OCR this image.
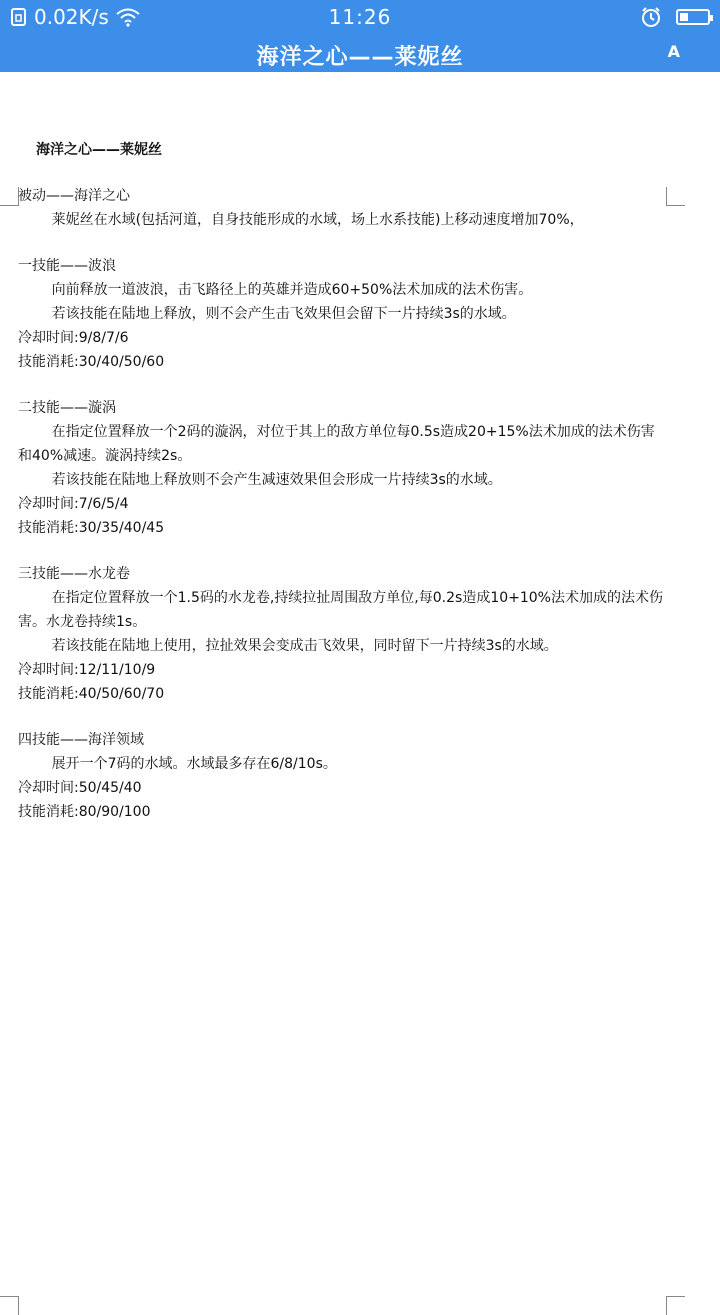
0.02K/s	11:26
海洋之心——莱妮丝	A
海洋之心——莱妮丝
被动——海洋之心
莱妮丝在水域(包括河道，自身技能形成的水域，场上水系技能)上移动速度增加70%，
一技能——波浪
向前释放一道波浪，击飞路径上的英雄并造成60+50%法术加成的法术伤害。
若该技能在陆地上释放，则不会产生击飞效果但会留下一片持续3s的水域。
冷却时间:9/8/7/6
技能消耗:30/40/50/60
二技能——漩涡
在指定位置释放一个2码的漩涡，对位于其上的敌方单位每0.5s造成20+15%法术加成的法术伤害和40%减速。漩涡持续2s。
若该技能在陆地上释放则不会产生减速效果但会形成一片持续3s的水域。
冷却时间:7/6/5/4
技能消耗:30/35/40/45
三技能——水龙卷
在指定位置释放一个1.5码的水龙卷,持续拉扯周围敌方单位,每0.2s造成10+10%法术加成的法术伤害。水龙卷持续1s。
若该技能在陆地上使用，拉扯效果会变成击飞效果，同时留下一片持续3s的水域。
冷却时间:12/11/10/9
技能消耗:40/50/60/70
四技能——海洋领域
展开一个7码的水域。水域最多存在6/8/10s。
冷却时间:50/45/40
技能消耗:80/90/100
